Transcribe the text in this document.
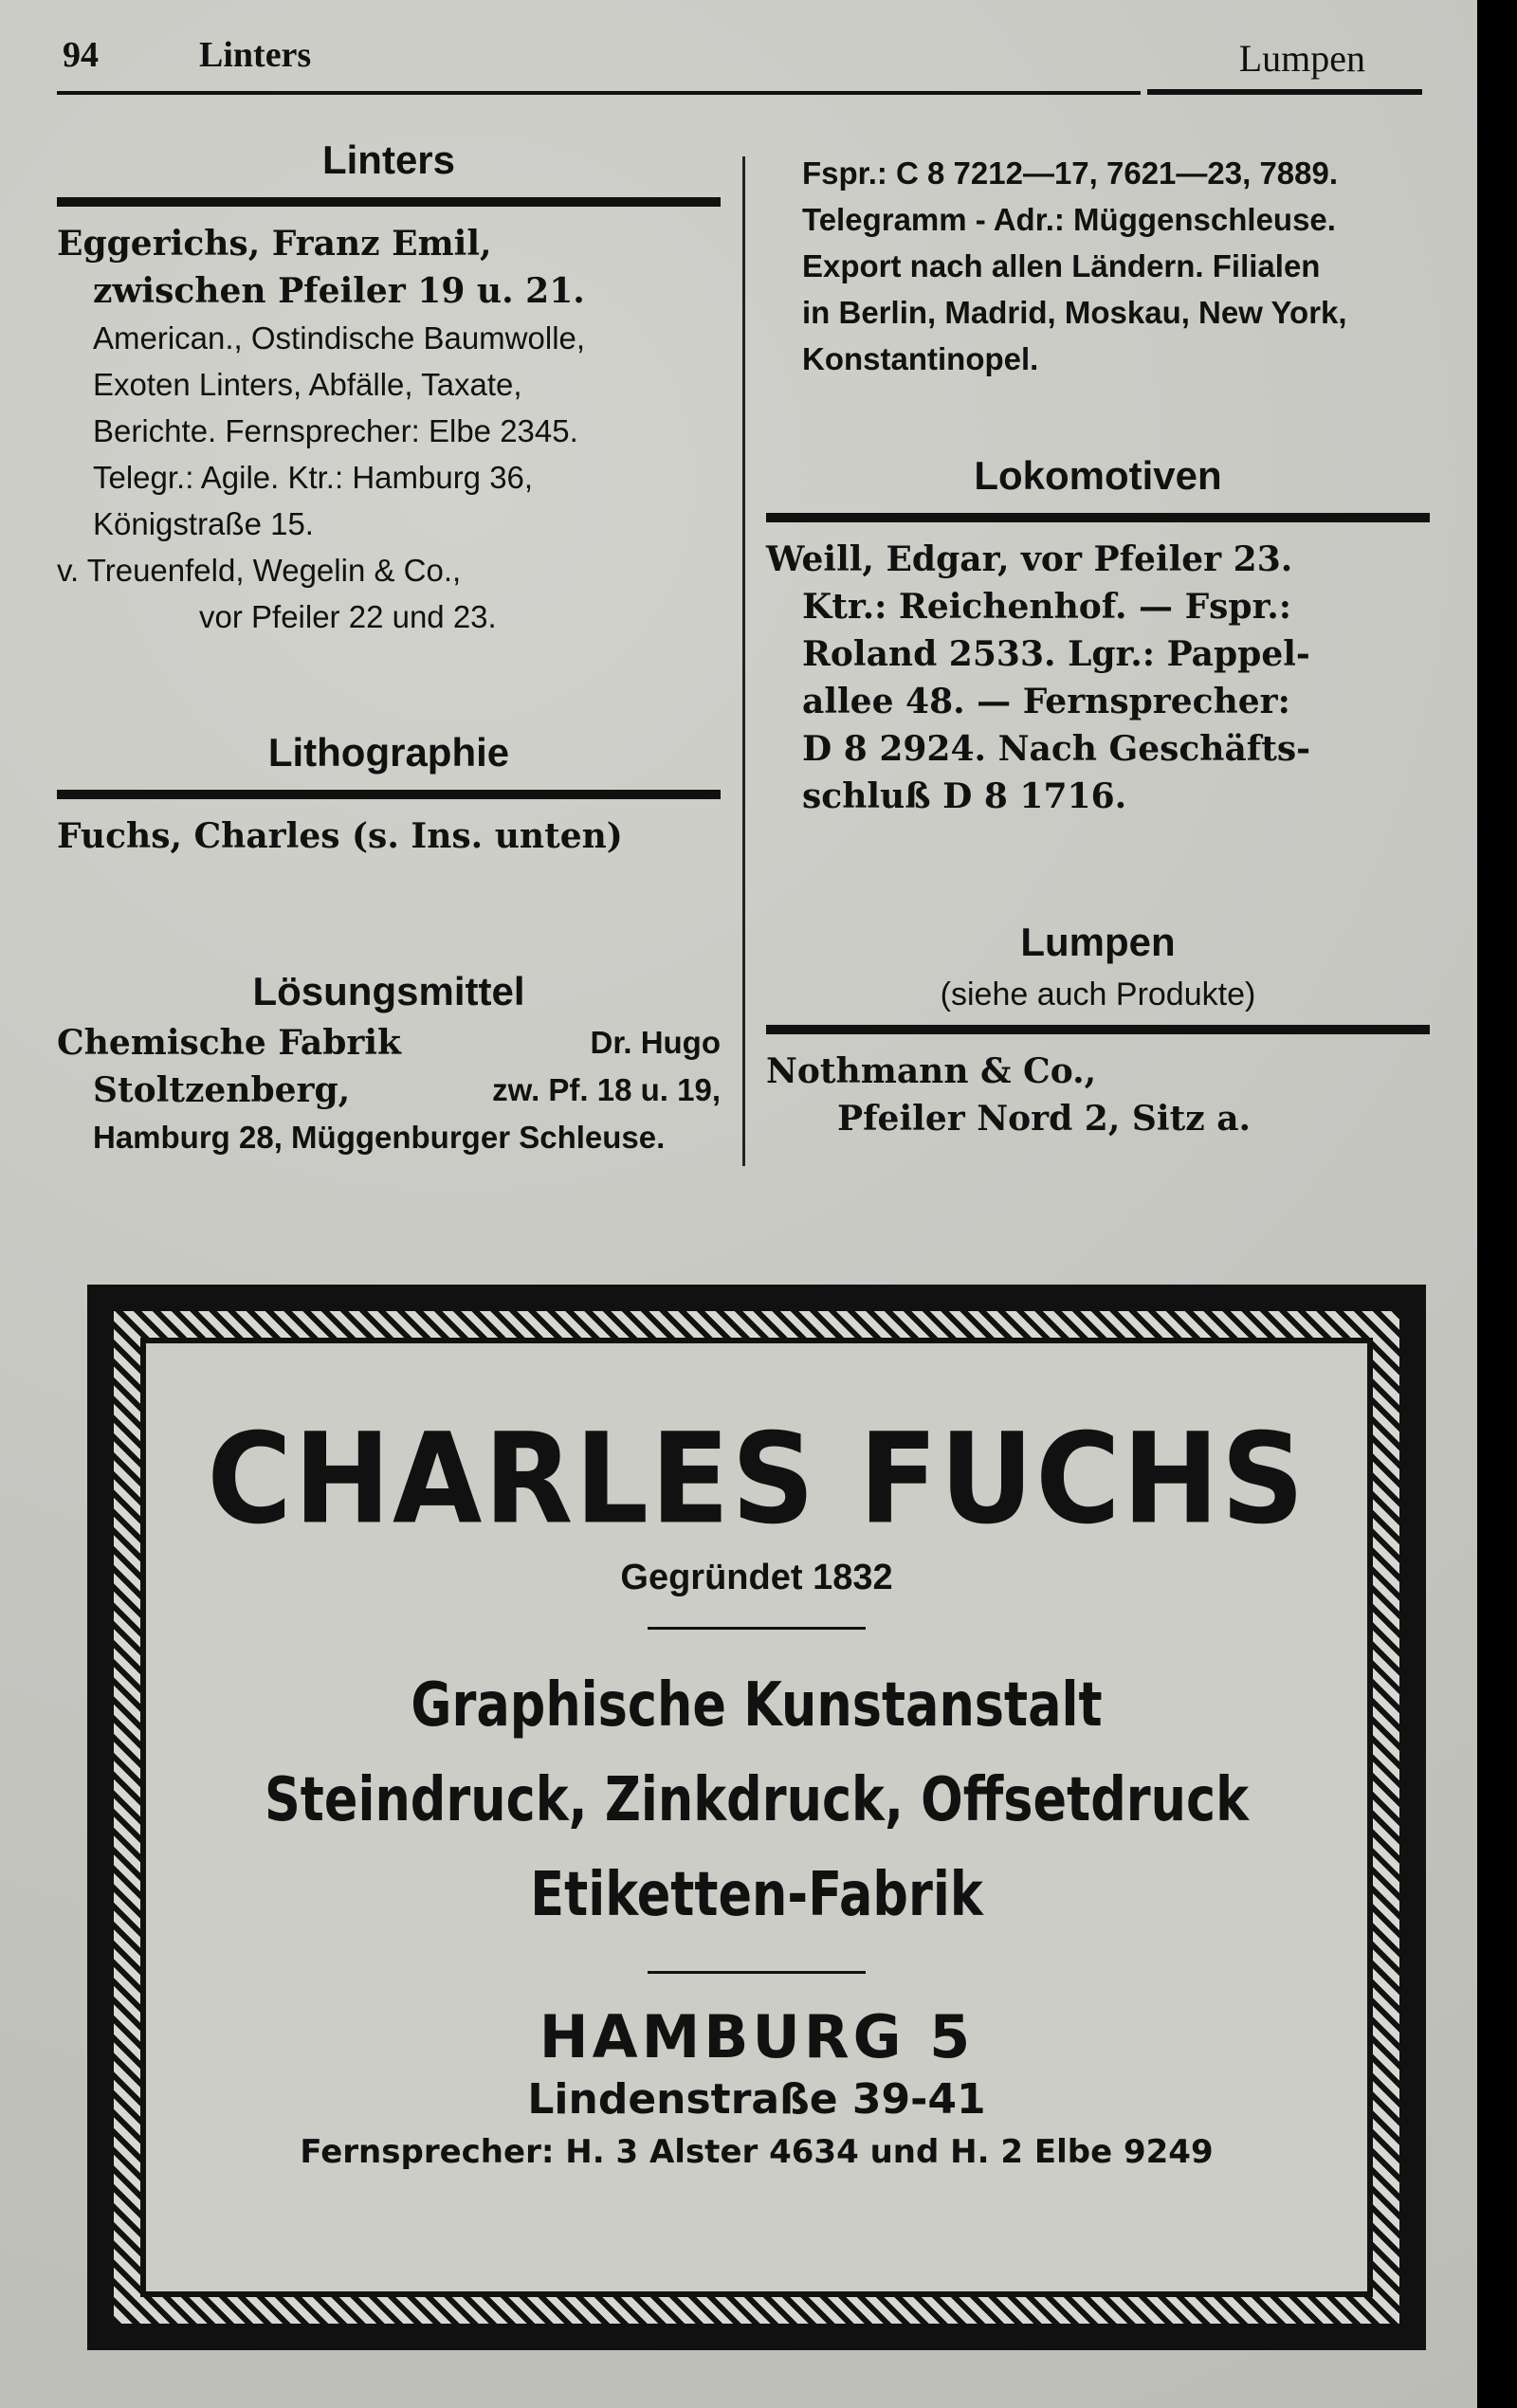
94	Linters	Lumpen
Linters
Eggerichs, Franz Emil,
zwischen Pfeiler 19 u. 21.
American., Ostindische Baumwolle,
Exoten Linters, Abfälle, Taxate,
Berichte. Fernsprecher: Elbe 2345.
Telegr.: Agile. Ktr.: Hamburg 36,
Königstraße 15.
v. Treuenfeld, Wegelin & Co.,
vor Pfeiler 22 und 23.
Lithographie
Fuchs, Charles (s. Ins. unten)
Lösungsmittel
Chemische Fabrik	Dr. Hugo
Stoltzenberg,	zw. Pf. 18 u. 19,
Hamburg 28, Müggenburger Schleuse.
Fspr.: C 8 7212—17, 7621—23, 7889.
Telegramm - Adr.: Müggenschleuse.
Export nach allen Ländern. Filialen
in Berlin, Madrid, Moskau, New York,
Konstantinopel.
Lokomotiven
Weill, Edgar, vor Pfeiler 23.
Ktr.: Reichenhof. — Fspr.:
Roland 2533. Lgr.: Pappel-
allee 48. — Fernsprecher:
D 8 2924. Nach Geschäfts-
schluß D 8 1716.
Lumpen
(siehe auch Produkte)
Nothmann & Co.,
Pfeiler Nord 2, Sitz a.
CHARLES FUCHS
Gegründet 1832
Graphische Kunstanstalt
Steindruck, Zinkdruck, Offsetdruck
Etiketten-Fabrik
HAMBURG 5
Lindenstraße 39-41
Fernsprecher: H. 3 Alster 4634 und H. 2 Elbe 9249
